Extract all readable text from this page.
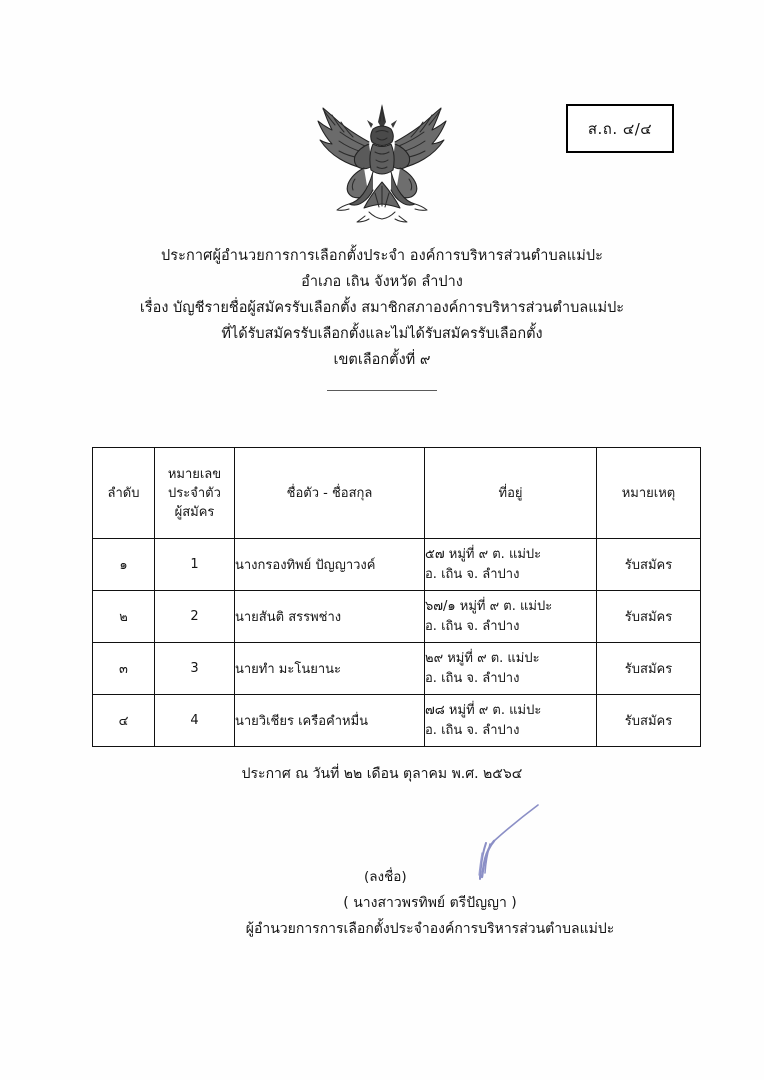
ส.ถ. ๔/๔
ประกาศผู้อำนวยการการเลือกตั้งประจำ องค์การบริหารส่วนตำบลแม่ปะ
อำเภอ เถิน จังหวัด ลำปาง
เรื่อง บัญชีรายชื่อผู้สมัครรับเลือกตั้ง สมาชิกสภาองค์การบริหารส่วนตำบลแม่ปะ
ที่ได้รับสมัครรับเลือกตั้งและไม่ได้รับสมัครรับเลือกตั้ง
เขตเลือกตั้งที่ ๙
ลำดับ	หมายเลข
ประจำตัว
ผู้สมัคร	ชื่อตัว - ชื่อสกุล	ที่อยู่	หมายเหตุ
๑	1	นางกรองทิพย์ ปัญญาวงค์	๕๗ หมู่ที่ ๙ ต. แม่ปะ
อ. เถิน จ. ลำปาง	รับสมัคร
๒	2	นายสันติ สรรพช่าง	๖๗/๑ หมู่ที่ ๙ ต. แม่ปะ
อ. เถิน จ. ลำปาง	รับสมัคร
๓	3	นายทำ มะโนยานะ	๒๙ หมู่ที่ ๙ ต. แม่ปะ
อ. เถิน จ. ลำปาง	รับสมัคร
๔	4	นายวิเชียร เครือคำหมื่น	๗๘ หมู่ที่ ๙ ต. แม่ปะ
อ. เถิน จ. ลำปาง	รับสมัคร
ประกาศ ณ วันที่ ๒๒ เดือน ตุลาคม พ.ศ. ๒๕๖๔
(ลงชื่อ)
( นางสาวพรทิพย์ ตรีปัญญา )
ผู้อำนวยการการเลือกตั้งประจำองค์การบริหารส่วนตำบลแม่ปะ
